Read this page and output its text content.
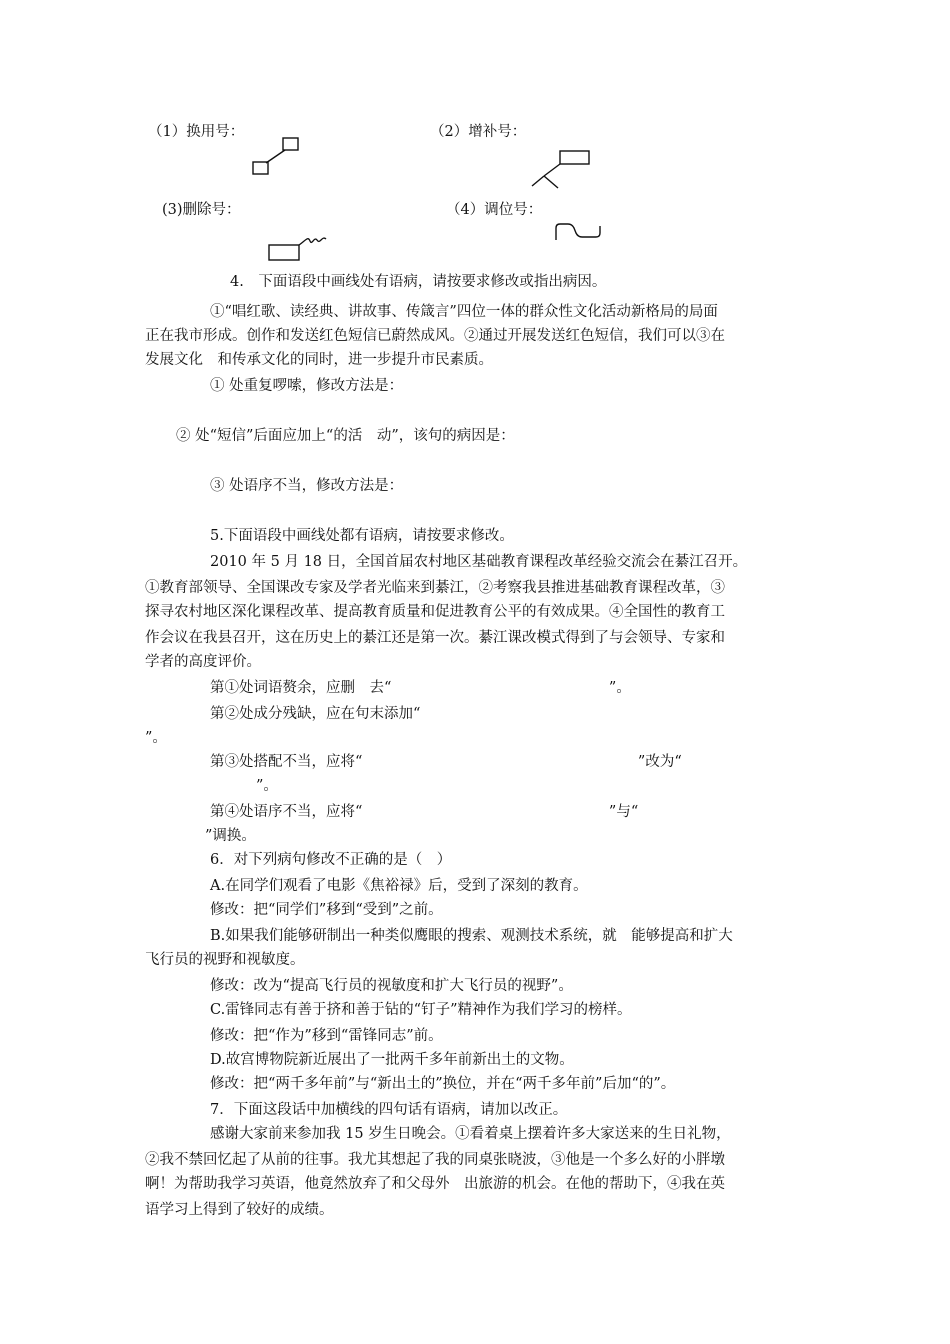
（1）换用号：	（2）增补号：
(3)删除号：	（4）调位号：
4.　下面语段中画线处有语病，请按要求修改或指出病因。
①“唱红歌、读经典、讲故事、传箴言”四位一体的群众性文化活动新格局的局面
正在我市形成。创作和发送红色短信已蔚然成风。②通过开展发送红色短信，我们可以③在
发展文化　和传承文化的同时，进一步提升市民素质。
① 处重复啰嗦，修改方法是：
② 处“短信”后面应加上“的活　动”，该句的病因是：
③ 处语序不当，修改方法是：
5.下面语段中画线处都有语病，请按要求修改。
2010 年 5 月 18 日，全国首届农村地区基础教育课程改革经验交流会在綦江召开。
①教育部领导、全国课改专家及学者光临来到綦江，②考察我县推进基础教育课程改革，③
探寻农村地区深化课程改革、提高教育质量和促进教育公平的有效成果。④全国性的教育工
作会议在我县召开，这在历史上的綦江还是第一次。綦江课改模式得到了与会领导、专家和
学者的高度评价。
第①处词语赘余，应删　去“　　　　　　　　　　　　　　　”。
第②处成分残缺，应在句末添加“
”。
第③处搭配不当，应将“　　　　　　　　　　　　　　　　　　　”改为“
”。
第④处语序不当，应将“　　　　　　　　　　　　　　　　　”与“
”调换。
6．对下列病句修改不正确的是（　）
A.在同学们观看了电影《焦裕禄》后，受到了深刻的教育。
修改：把“同学们”移到“受到”之前。
B.如果我们能够研制出一种类似鹰眼的搜索、观测技术系统，就　能够提高和扩大
飞行员的视野和视敏度。
修改：改为“提高飞行员的视敏度和扩大飞行员的视野”。
C.雷锋同志有善于挤和善于钻的“钉子”精神作为我们学习的榜样。
修改：把“作为”移到“雷锋同志”前。
D.故宫博物院新近展出了一批两千多年前新出土的文物。
修改：把“两千多年前”与“新出土的”换位，并在“两千多年前”后加“的”。
7．下面这段话中加横线的四句话有语病，请加以改正。
感谢大家前来参加我 15 岁生日晚会。①看着桌上摆着许多大家送来的生日礼物，
②我不禁回忆起了从前的往事。我尤其想起了我的同桌张晓波，③他是一个多么好的小胖墩
啊！为帮助我学习英语，他竟然放弃了和父母外　出旅游的机会。在他的帮助下，④我在英
语学习上得到了较好的成绩。
